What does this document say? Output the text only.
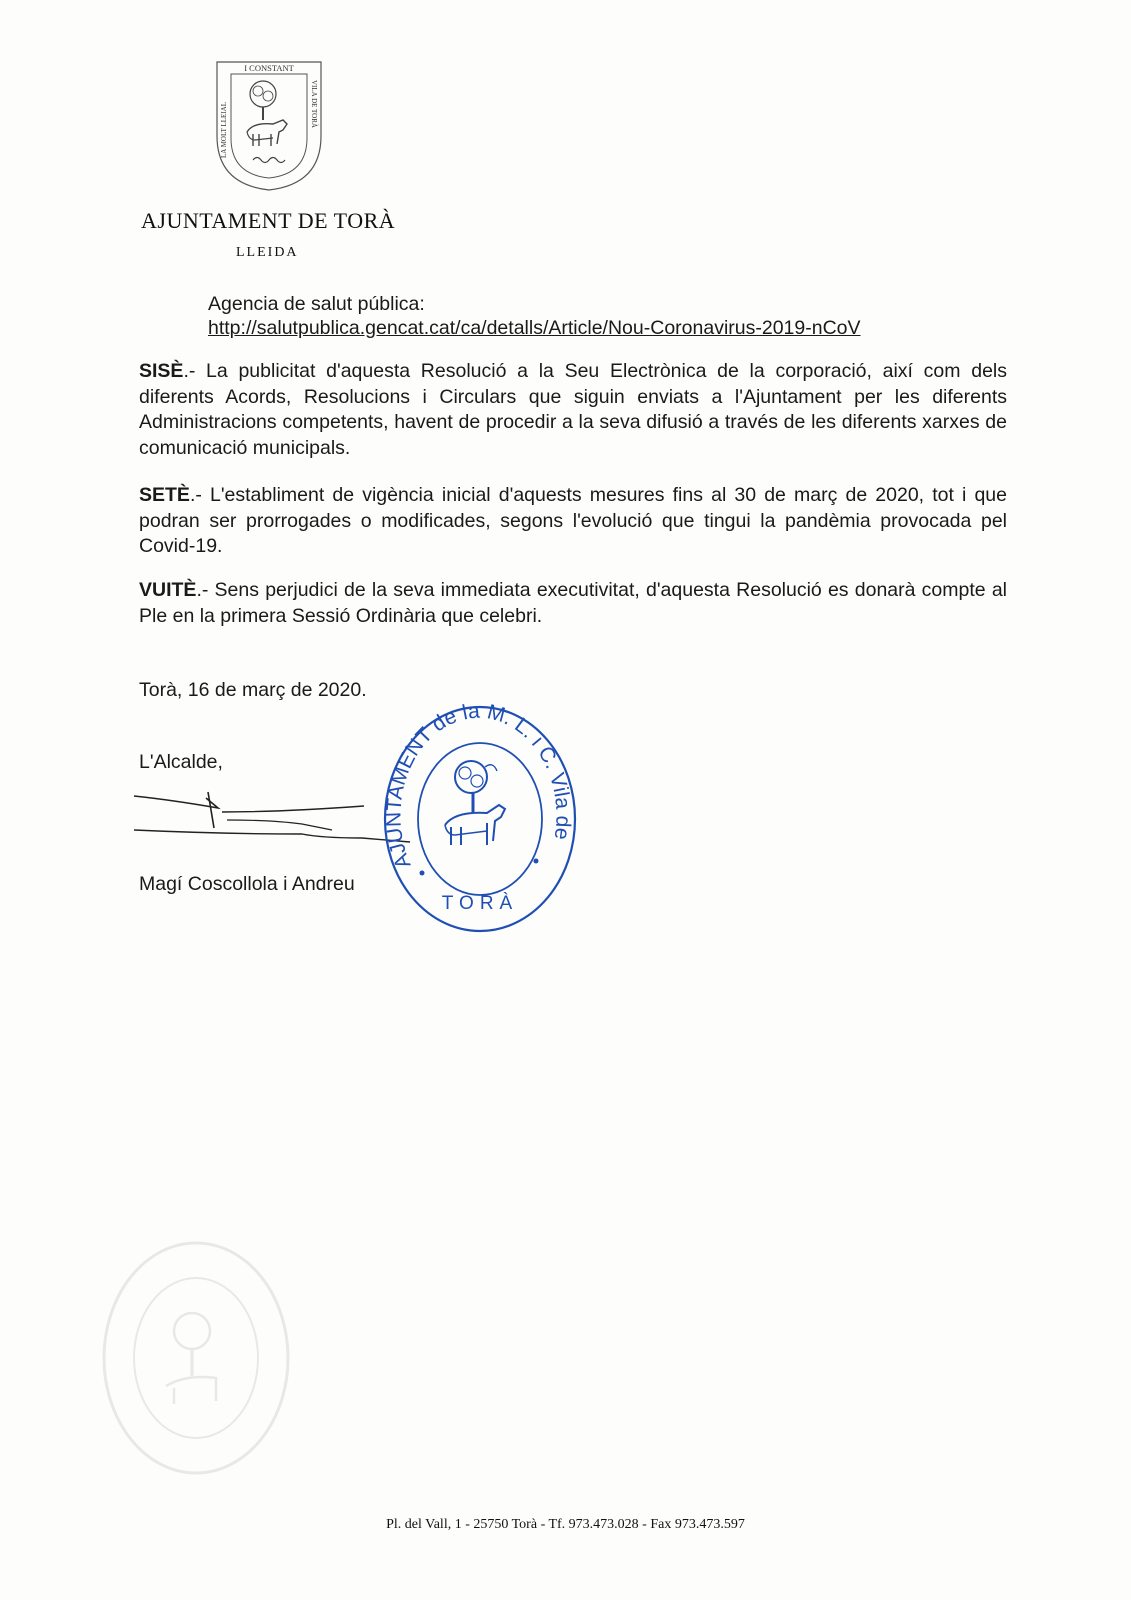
I CONSTANT
LA MOLT LLEIAL	VILA DE TORÀ
AJUNTAMENT DE TORÀ
LLEIDA
Agencia de salut pública:
http://salutpublica.gencat.cat/ca/detalls/Article/Nou-Coronavirus-2019-nCoV
SISÈ.- La publicitat d'aquesta Resolució a la Seu Electrònica de la corporació, així com dels diferents Acords, Resolucions i Circulars que siguin enviats a l'Ajuntament per les diferents Administracions competents, havent de procedir a la seva difusió a través de les diferents xarxes de comunicació municipals.
SETÈ.- L'establiment de vigència inicial d'aquests mesures fins al 30 de març de 2020, tot i que podran ser prorrogades o modificades, segons l'evolució que tingui la pandèmia provocada pel Covid-19.
VUITÈ.- Sens perjudici de la seva immediata executivitat, d'aquesta Resolució es donarà compte al Ple en la primera Sessió Ordinària que celebri.
Torà, 16 de març de 2020.
L'Alcalde,
Magí Coscollola i Andreu
AJUNTAMENT de la M. L. i C. Vila de
TORÀ
Pl. del Vall, 1 - 25750 Torà - Tf. 973.473.028 - Fax 973.473.597
